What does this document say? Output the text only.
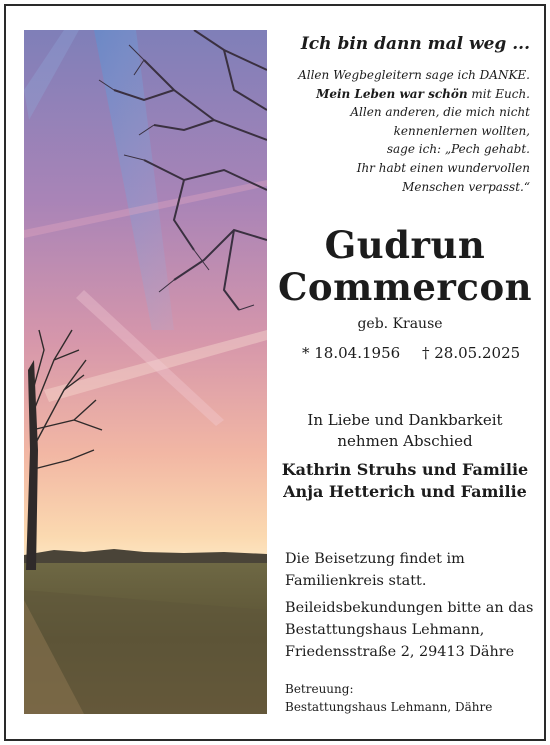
Ich bin dann mal weg ...
Allen Wegbegleitern sage ich DANKE.
Mein Leben war schön mit Euch.
Allen anderen, die mich nicht
kennenlernen wollten,
sage ich: „Pech gehabt.
Ihr habt einen wundervollen
Menschen verpasst.“
Gudrun
Commercon
geb. Krause
* 18.04.1956 † 28.05.2025
In Liebe und Dankbarkeit
nehmen Abschied
Kathrin Struhs und Familie
Anja Hetterich und Familie
Die Beisetzung findet im
Familienkreis statt.
Beileidsbekundungen bitte an das
Bestattungshaus Lehmann,
Friedensstraße 2, 29413 Dähre
Betreuung:
Bestattungshaus Lehmann, Dähre
